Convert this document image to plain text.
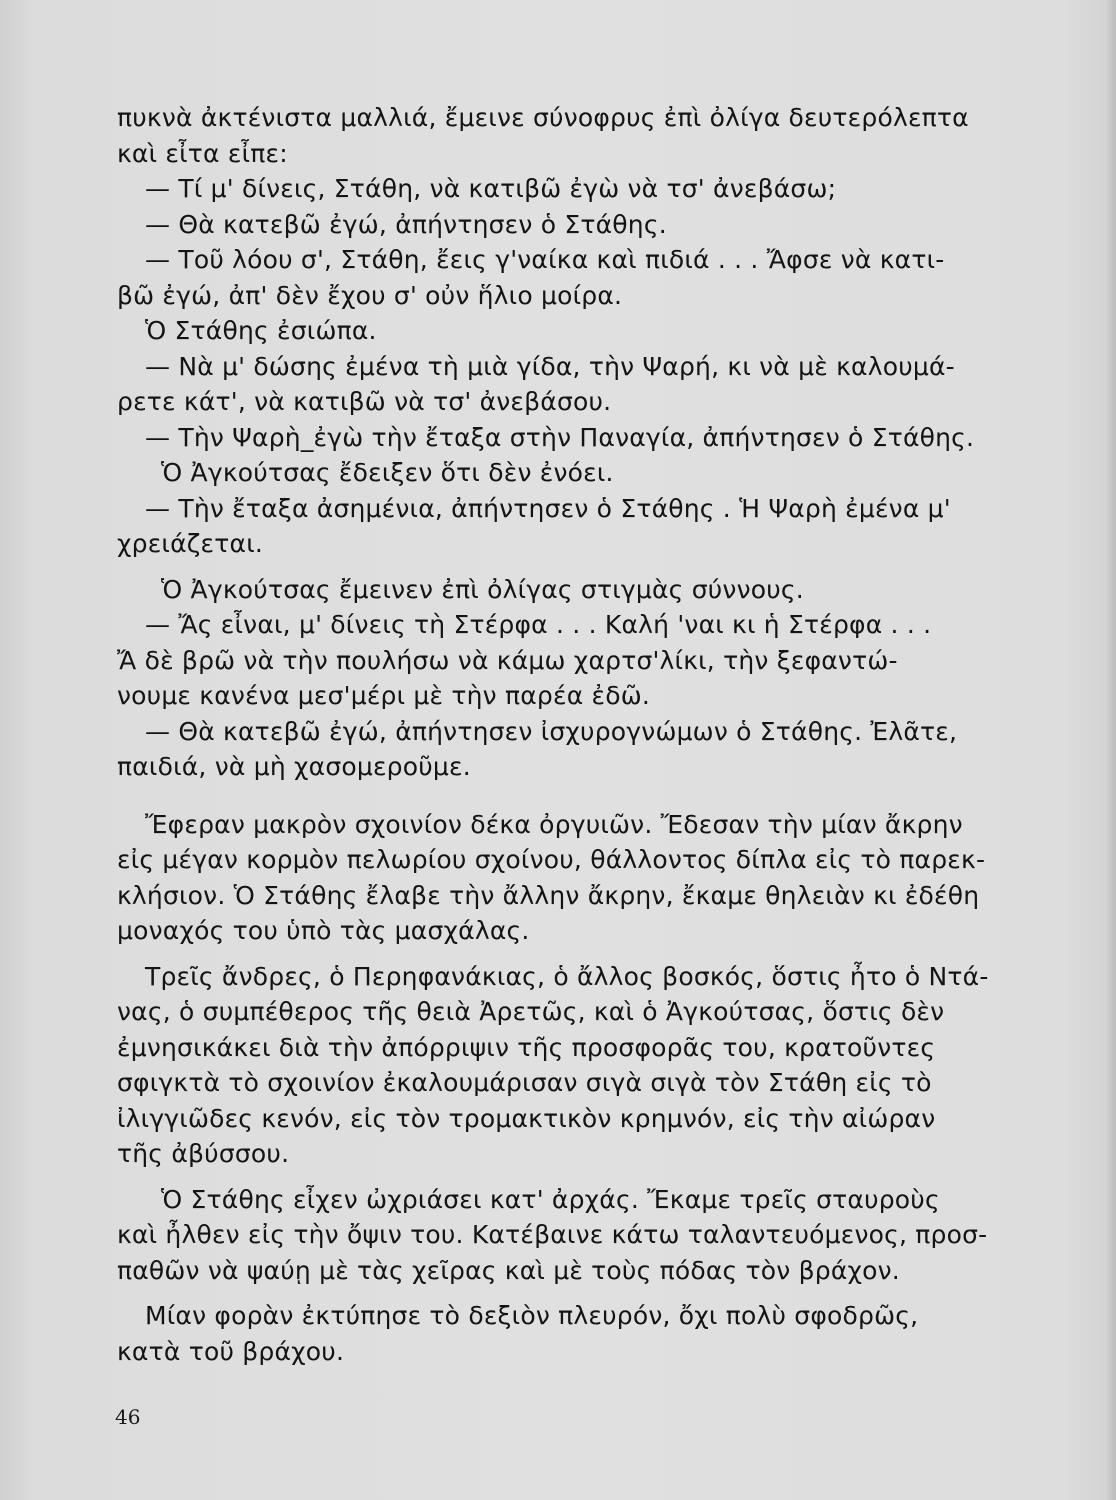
πυκνὰ ἀκτένιστα μαλλιά, ἔμεινε σύνοφρυς ἐπὶ ὀλίγα δευτερόλεπτα
καὶ εἶτα εἶπε:
— Τί μ' δίνεις, Στάθη, νὰ κατιβῶ ἐγὼ νὰ τσ' ἀνεβάσω;
— Θὰ κατεβῶ ἐγώ, ἀπήντησεν ὁ Στάθης.
— Τοῦ λόου σ', Στάθη, ἔεις γ'ναίκα καὶ πιδιά . . . Ἄφσε νὰ κατι-
βῶ ἐγώ, ἀπ' δὲν ἔχου σ' οὐν ἥλιο μοίρα.
Ὁ Στάθης ἐσιώπα.
— Νὰ μ' δώσης ἐμένα τὴ μιὰ γίδα, τὴν Ψαρή, κι νὰ μὲ καλουμά-
ρετε κάτ', νὰ κατιβῶ νὰ τσ' ἀνεβάσου.
— Τὴν Ψαρὴ_ἐγὼ τὴν ἔταξα στὴν Παναγία, ἀπήντησεν ὁ Στάθης.
Ὁ Ἀγκούτσας ἔδειξεν ὅτι δὲν ἐνόει.
— Τὴν ἔταξα ἀσημένια, ἀπήντησεν ὁ Στάθης . Ἡ Ψαρὴ ἐμένα μ'
χρειάζεται.
Ὁ Ἀγκούτσας ἔμεινεν ἐπὶ ὀλίγας στιγμὰς σύννους.
— Ἄς εἶναι, μ' δίνεις τὴ Στέρφα . . . Καλή 'ναι κι ἡ Στέρφα . . .
Ἄ δὲ βρῶ νὰ τὴν πουλήσω νὰ κάμω χαρτσ'λίκι, τὴν ξεφαντώ-
νουμε κανένα μεσ'μέρι μὲ τὴν παρέα ἐδῶ.
— Θὰ κατεβῶ ἐγώ, ἀπήντησεν ἰσχυρογνώμων ὁ Στάθης. Ἐλᾶτε,
παιδιά, νὰ μὴ χασομεροῦμε.
Ἔφεραν μακρὸν σχοινίον δέκα ὀργυιῶν. Ἔδεσαν τὴν μίαν ἄκρην
εἰς μέγαν κορμὸν πελωρίου σχοίνου, θάλλοντος δίπλα εἰς τὸ παρεκ-
κλήσιον. Ὁ Στάθης ἔλαβε τὴν ἄλλην ἄκρην, ἔκαμε θηλειὰν κι ἐδέθη
μοναχός του ὑπὸ τὰς μασχάλας.
Τρεῖς ἄνδρες, ὁ Περηφανάκιας, ὁ ἄλλος βοσκός, ὅστις ἦτο ὁ Ντά-
νας, ὁ συμπέθερος τῆς θειὰ Ἀρετῶς, καὶ ὁ Ἀγκούτσας, ὅστις δὲν
ἐμνησικάκει διὰ τὴν ἀπόρριψιν τῆς προσφορᾶς του, κρατοῦντες
σφιγκτὰ τὸ σχοινίον ἐκαλουμάρισαν σιγὰ σιγὰ τὸν Στάθη εἰς τὸ
ἰλιγγιῶδες κενόν, εἰς τὸν τρομακτικὸν κρημνόν, εἰς τὴν αἰώραν
τῆς ἀβύσσου.
Ὁ Στάθης εἶχεν ὠχριάσει κατ' ἀρχάς. Ἔκαμε τρεῖς σταυροὺς
καὶ ἦλθεν εἰς τὴν ὄψιν του. Κατέβαινε κάτω ταλαντευόμενος, προσ-
παθῶν νὰ ψαύῃ μὲ τὰς χεῖρας καὶ μὲ τοὺς πόδας τὸν βράχον.
Μίαν φορὰν ἐκτύπησε τὸ δεξιὸν πλευρόν, ὄχι πολὺ σφοδρῶς,
κατὰ τοῦ βράχου.
46
